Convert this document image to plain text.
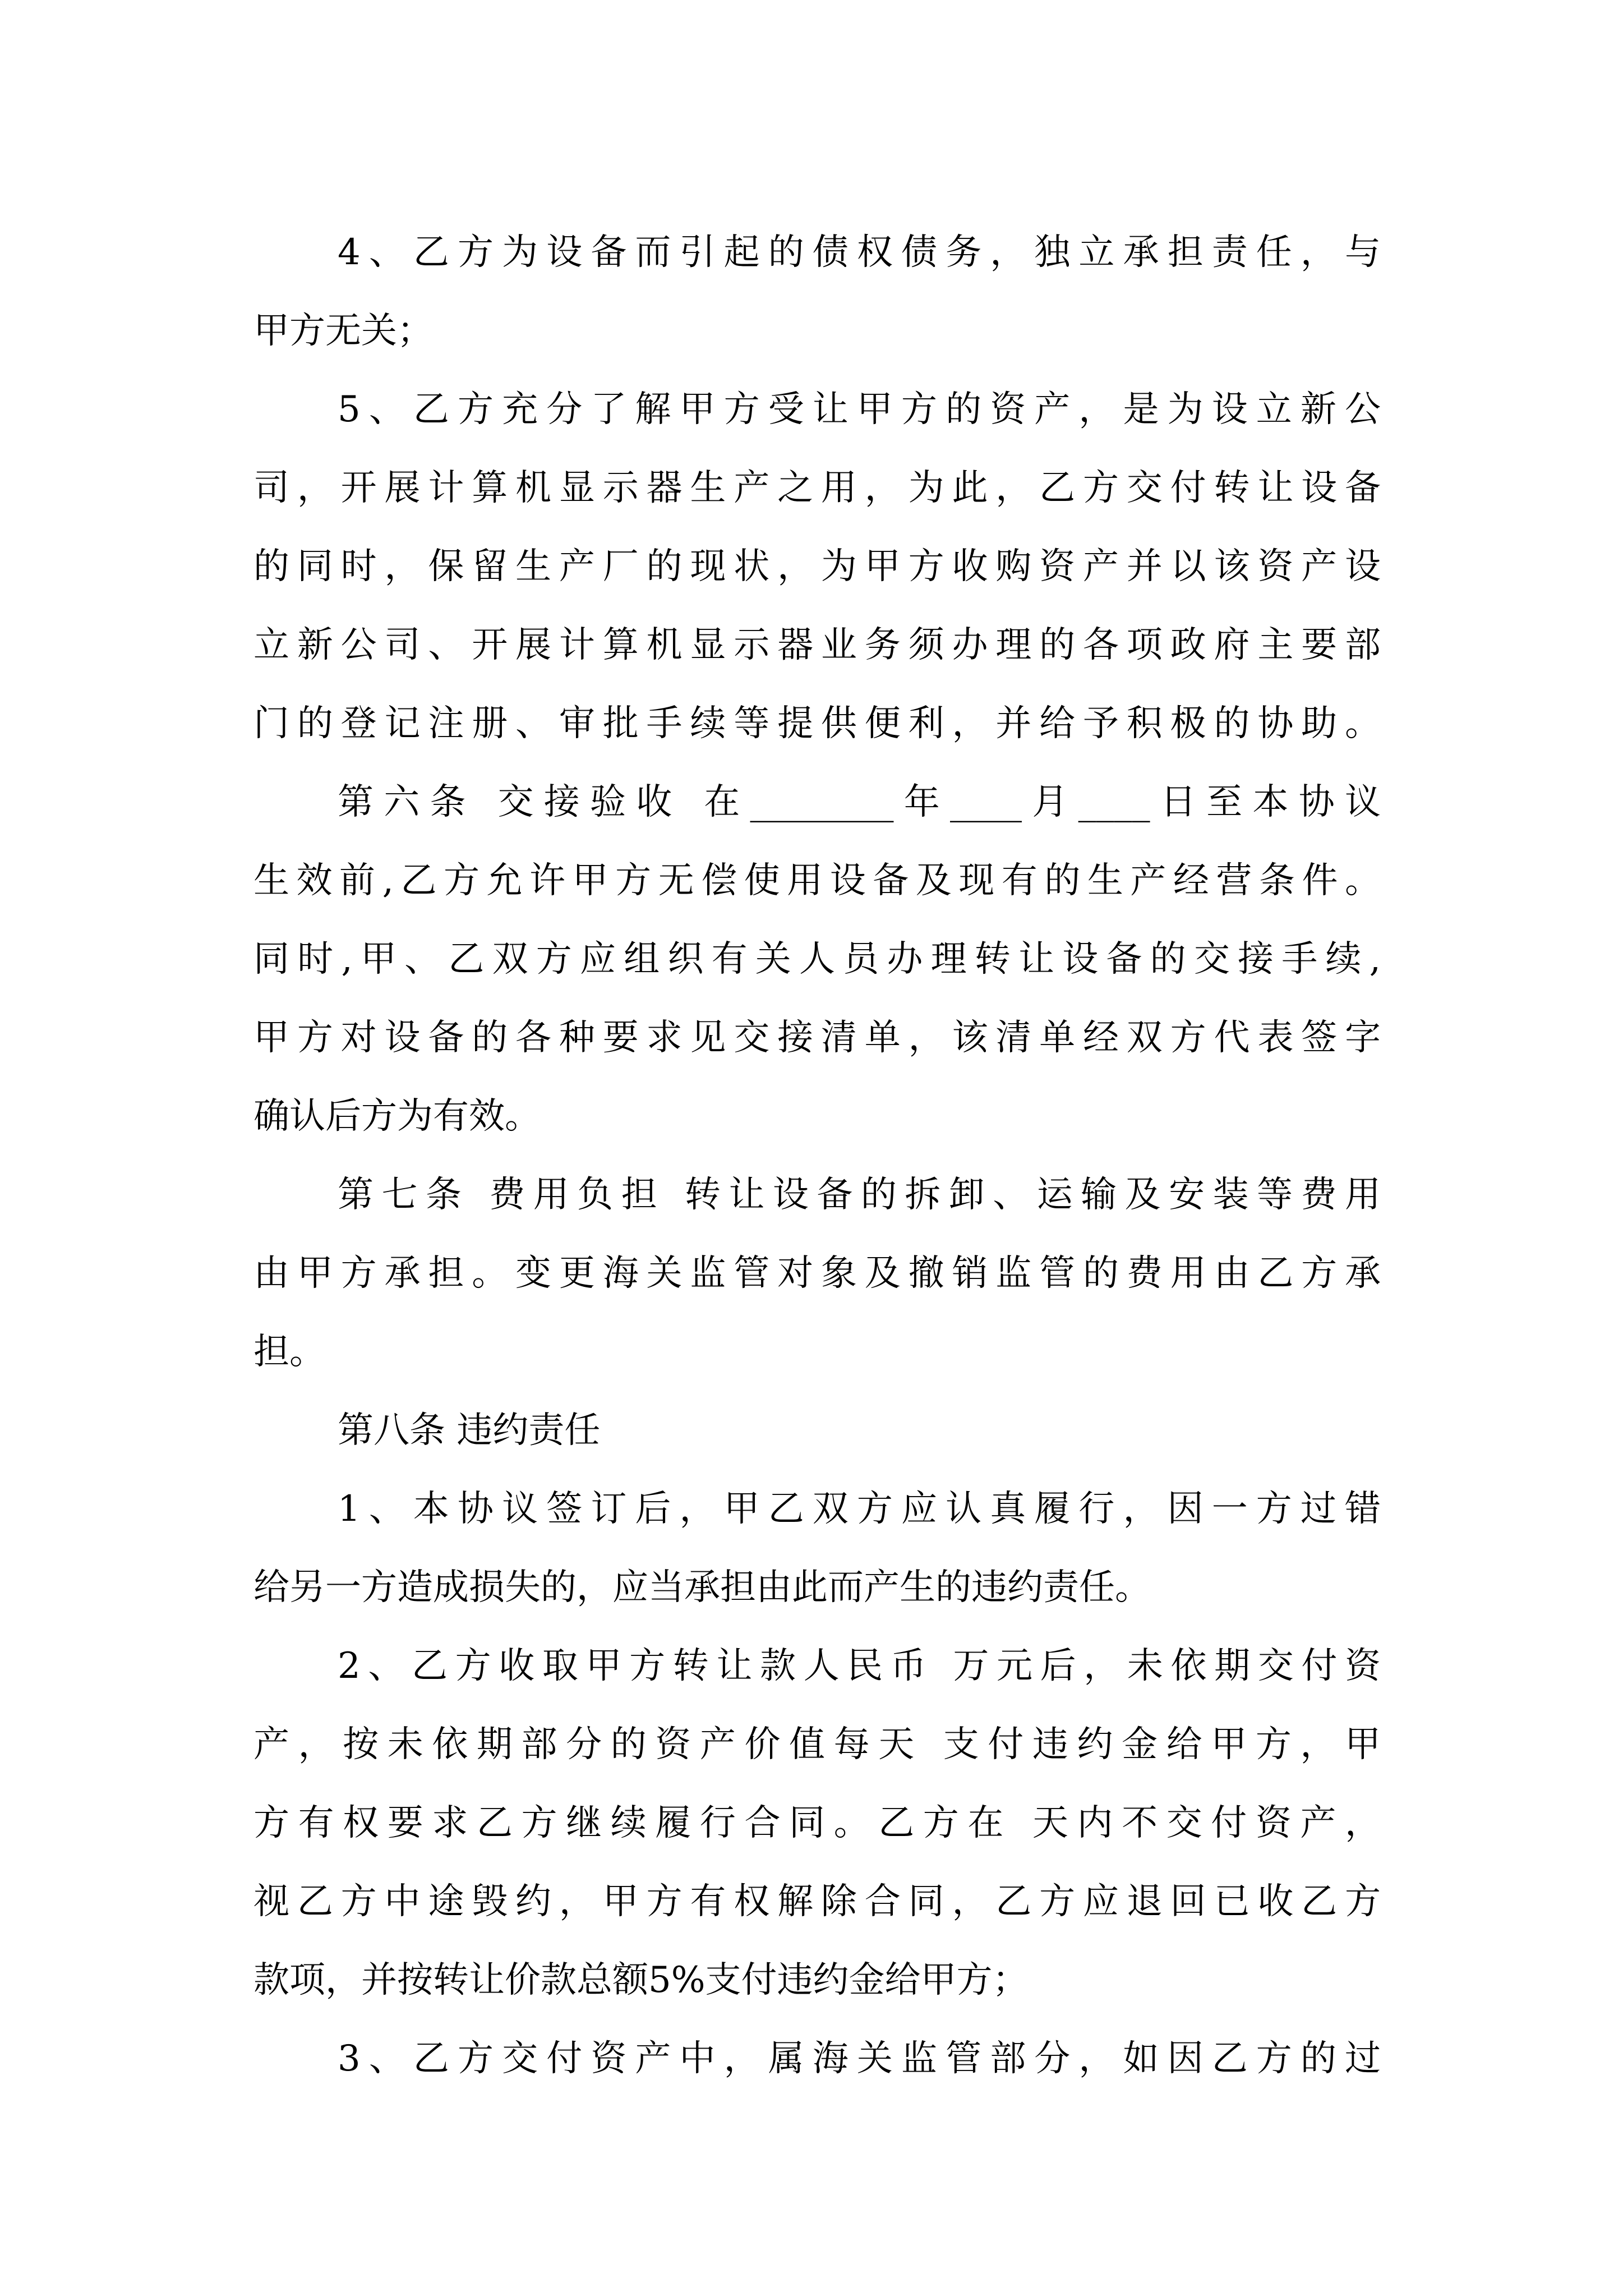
4、乙方为设备而引起的债权债务，独立承担责任，与
甲方无关；
5、乙方充分了解甲方受让甲方的资产，是为设立新公
司，开展计算机显示器生产之用，为此，乙方交付转让设备
的同时，保留生产厂的现状，为甲方收购资产并以该资产设
立新公司、开展计算机显示器业务须办理的各项政府主要部
门的登记注册、审批手续等提供便利，并给予积极的协助。
第六条 交接验收 在________年____月____日至本协议
生效前,乙方允许甲方无偿使用设备及现有的生产经营条件。
同时,甲、乙双方应组织有关人员办理转让设备的交接手续,
甲方对设备的各种要求见交接清单，该清单经双方代表签字
确认后方为有效。
第七条 费用负担 转让设备的拆卸、运输及安装等费用
由甲方承担。变更海关监管对象及撤销监管的费用由乙方承
担。
第八条 违约责任
1、本协议签订后，甲乙双方应认真履行，因一方过错
给另一方造成损失的，应当承担由此而产生的违约责任。
2、乙方收取甲方转让款人民币 万元后，未依期交付资
产，按未依期部分的资产价值每天 支付违约金给甲方，甲
方有权要求乙方继续履行合同。乙方在 天内不交付资产，
视乙方中途毁约，甲方有权解除合同，乙方应退回已收乙方
款项，并按转让价款总额5%支付违约金给甲方；
3、乙方交付资产中，属海关监管部分，如因乙方的过
